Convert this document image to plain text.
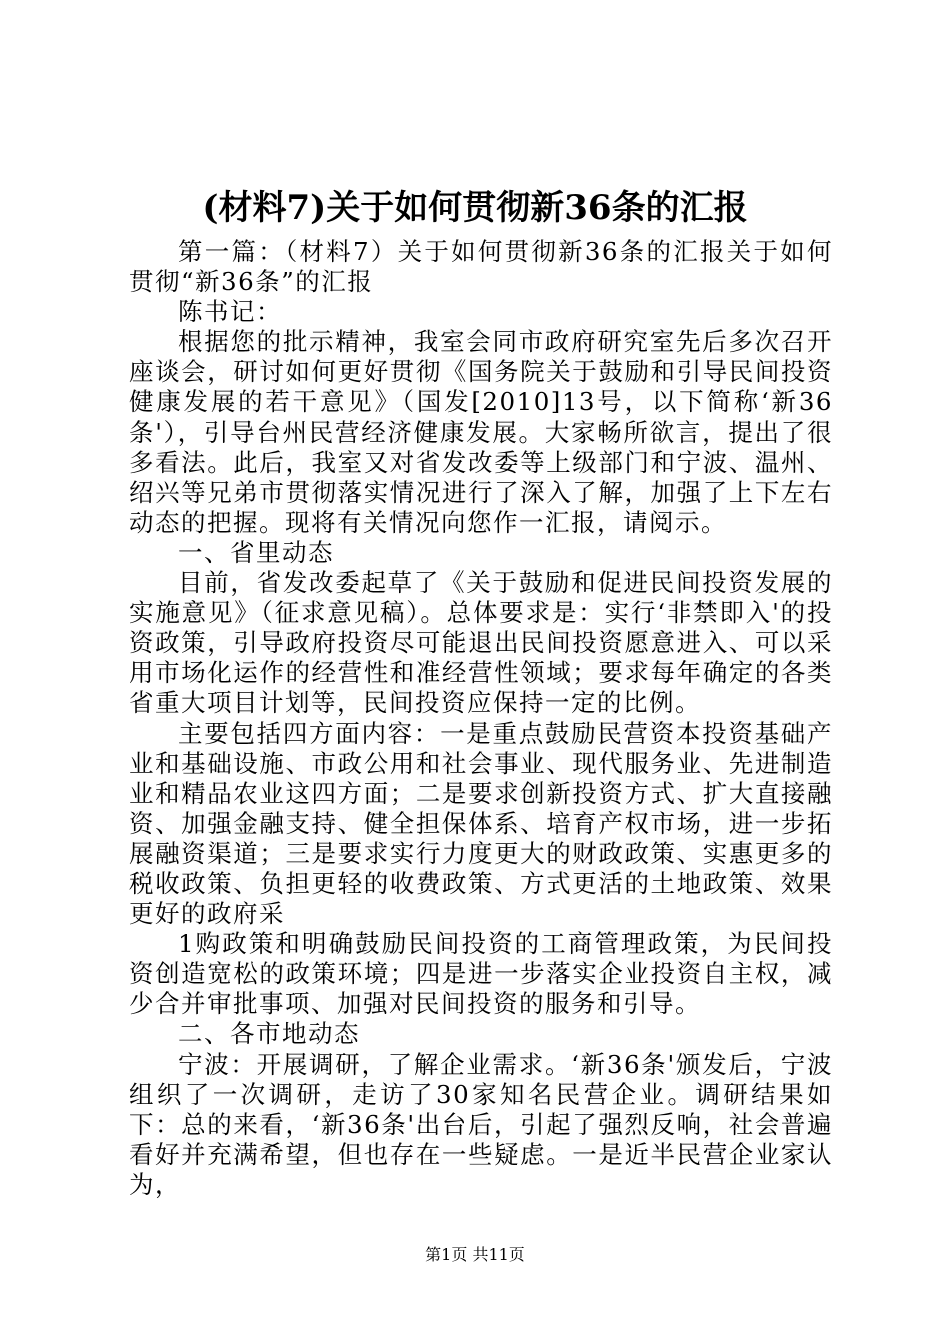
(材料7)关于如何贯彻新36条的汇报

第一篇：（材料7）关于如何贯彻新36条的汇报关于如何贯彻“新36条”的汇报

陈书记：

根据您的批示精神，我室会同市政府研究室先后多次召开座谈会，研讨如何更好贯彻《国务院关于鼓励和引导民间投资健康发展的若干意见》（国发[2010]13号，以下简称‘新36条'），引导台州民营经济健康发展。大家畅所欲言，提出了很多看法。此后，我室又对省发改委等上级部门和宁波、温州、绍兴等兄弟市贯彻落实情况进行了深入了解，加强了上下左右动态的把握。现将有关情况向您作一汇报，请阅示。

一、省里动态

目前，省发改委起草了《关于鼓励和促进民间投资发展的实施意见》（征求意见稿）。总体要求是：实行‘非禁即入'的投资政策，引导政府投资尽可能退出民间投资愿意进入、可以采用市场化运作的经营性和准经营性领域；要求每年确定的各类省重大项目计划等，民间投资应保持一定的比例。

主要包括四方面内容：一是重点鼓励民营资本投资基础产业和基础设施、市政公用和社会事业、现代服务业、先进制造业和精品农业这四方面；二是要求创新投资方式、扩大直接融资、加强金融支持、健全担保体系、培育产权市场，进一步拓展融资渠道；三是要求实行力度更大的财政政策、实惠更多的税收政策、负担更轻的收费政策、方式更活的土地政策、效果更好的政府采

1购政策和明确鼓励民间投资的工商管理政策，为民间投资创造宽松的政策环境；四是进一步落实企业投资自主权，减少合并审批事项、加强对民间投资的服务和引导。

二、各市地动态

宁波：开展调研，了解企业需求。‘新36条'颁发后，宁波组织了一次调研，走访了30家知名民营企业。调研结果如下：总的来看，‘新36条'出台后，引起了强烈反响，社会普遍看好并充满希望，但也存在一些疑虑。一是近半民营企业家认为，

第1页 共11页
